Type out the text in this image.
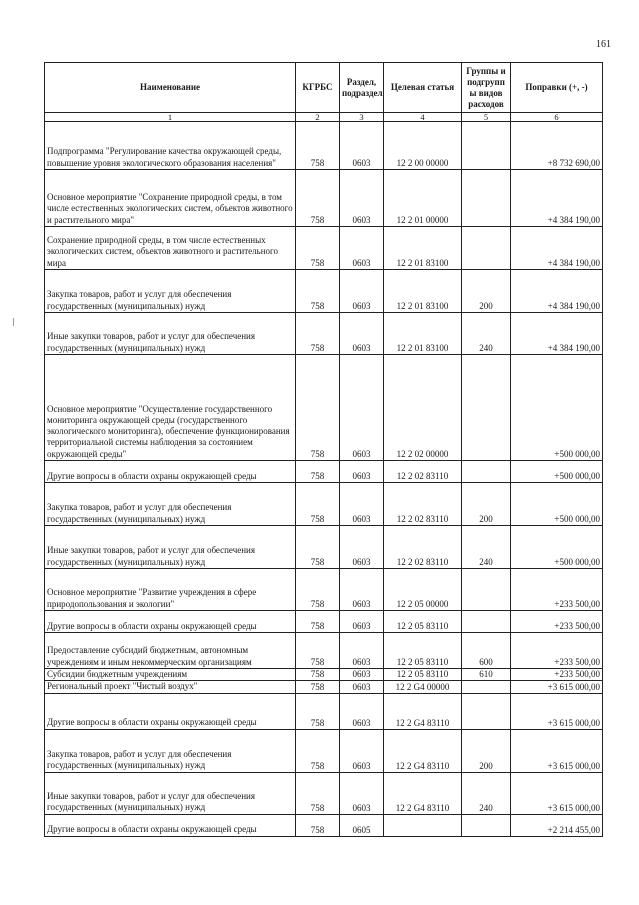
161
Наименование	КГРБС	Раздел, подраздел	Целевая статья	Группы и подгрупп ы видов расходов	Поправки (+, -)
1	2	3	4	5	6
Подпрограмма "Регулирование качества окружающей среды, повышение уровня экологического образования населения"	758	0603	12 2 00 00000		+8 732 690,00
Основное мероприятие "Сохранение природной среды, в том числе естественных экологических систем, объектов животного и растительного мира"	758	0603	12 2 01 00000		+4 384 190,00
Сохранение природной среды, в том числе естественных экологических систем, объектов животного и растительного мира	758	0603	12 2 01 83100		+4 384 190,00
Закупка товаров, работ и услуг для обеспечения государственных (муниципальных) нужд	758	0603	12 2 01 83100	200	+4 384 190,00
Иные закупки товаров, работ и услуг для обеспечения государственных (муниципальных) нужд	758	0603	12 2 01 83100	240	+4 384 190,00
Основное мероприятие "Осуществление государственного мониторинга окружающей среды (государственного экологического мониторинга), обеспечение функционирования территориальной системы наблюдения за состоянием окружающей среды"	758	0603	12 2 02 00000		+500 000,00
Другие вопросы в области охраны окружающей среды	758	0603	12 2 02 83110		+500 000,00
Закупка товаров, работ и услуг для обеспечения государственных (муниципальных) нужд	758	0603	12 2 02 83110	200	+500 000,00
Иные закупки товаров, работ и услуг для обеспечения государственных (муниципальных) нужд	758	0603	12 2 02 83110	240	+500 000,00
Основное мероприятие "Развитие учреждения в сфере природопользования и экологии"	758	0603	12 2 05 00000		+233 500,00
Другие вопросы в области охраны окружающей среды	758	0603	12 2 05 83110		+233 500,00
Предоставление субсидий бюджетным, автономным учреждениям и иным некоммерческим организациям	758	0603	12 2 05 83110	600	+233 500,00
Субсидии бюджетным учреждениям	758	0603	12 2 05 83110	610	+233 500,00
Региональный проект "Чистый воздух"	758	0603	12 2 G4 00000		+3 615 000,00
Другие вопросы в области охраны окружающей среды	758	0603	12 2 G4 83110		+3 615 000,00
Закупка товаров, работ и услуг для обеспечения государственных (муниципальных) нужд	758	0603	12 2 G4 83110	200	+3 615 000,00
Иные закупки товаров, работ и услуг для обеспечения государственных (муниципальных) нужд	758	0603	12 2 G4 83110	240	+3 615 000,00
Другие вопросы в области охраны окружающей среды	758	0605			+2 214 455,00
